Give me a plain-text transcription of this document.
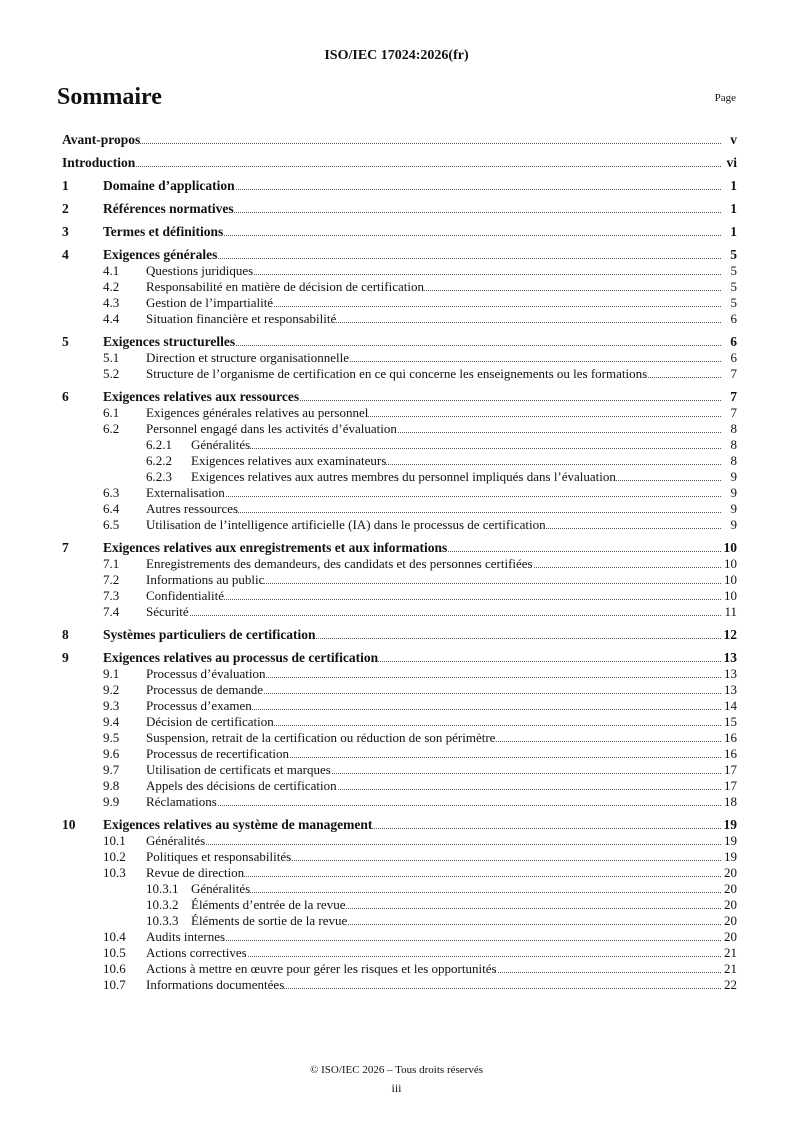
ISO/IEC 17024:2026(fr)
Sommaire	Page
Avant-propos	v
Introduction	vi
1	Domaine d’application	1
2	Références normatives	1
3	Termes et définitions	1
4	Exigences générales	5
4.1	Questions juridiques	5
4.2	Responsabilité en matière de décision de certification	5
4.3	Gestion de l’impartialité	5
4.4	Situation financière et responsabilité	6
5	Exigences structurelles	6
5.1	Direction et structure organisationnelle	6
5.2	Structure de l’organisme de certification en ce qui concerne les enseignements ou les formations	7
6	Exigences relatives aux ressources	7
6.1	Exigences générales relatives au personnel	7
6.2	Personnel engagé dans les activités d’évaluation	8
6.2.1	Généralités	8
6.2.2	Exigences relatives aux examinateurs	8
6.2.3	Exigences relatives aux autres membres du personnel impliqués dans l’évaluation	9
6.3	Externalisation	9
6.4	Autres ressources	9
6.5	Utilisation de l’intelligence artificielle (IA) dans le processus de certification	9
7	Exigences relatives aux enregistrements et aux informations	10
7.1	Enregistrements des demandeurs, des candidats et des personnes certifiées	10
7.2	Informations au public	10
7.3	Confidentialité	10
7.4	Sécurité	11
8	Systèmes particuliers de certification	12
9	Exigences relatives au processus de certification	13
9.1	Processus d’évaluation	13
9.2	Processus de demande	13
9.3	Processus d’examen	14
9.4	Décision de certification	15
9.5	Suspension, retrait de la certification ou réduction de son périmètre	16
9.6	Processus de recertification	16
9.7	Utilisation de certificats et marques	17
9.8	Appels des décisions de certification	17
9.9	Réclamations	18
10	Exigences relatives au système de management	19
10.1	Généralités	19
10.2	Politiques et responsabilités	19
10.3	Revue de direction	20
10.3.1 Généralités	20
10.3.2 Éléments d’entrée de la revue	20
10.3.3 Éléments de sortie de la revue	20
10.4	Audits internes	20
10.5	Actions correctives	21
10.6	Actions à mettre en œuvre pour gérer les risques et les opportunités	21
10.7	Informations documentées	22
© ISO/IEC 2026 – Tous droits réservés
iii
